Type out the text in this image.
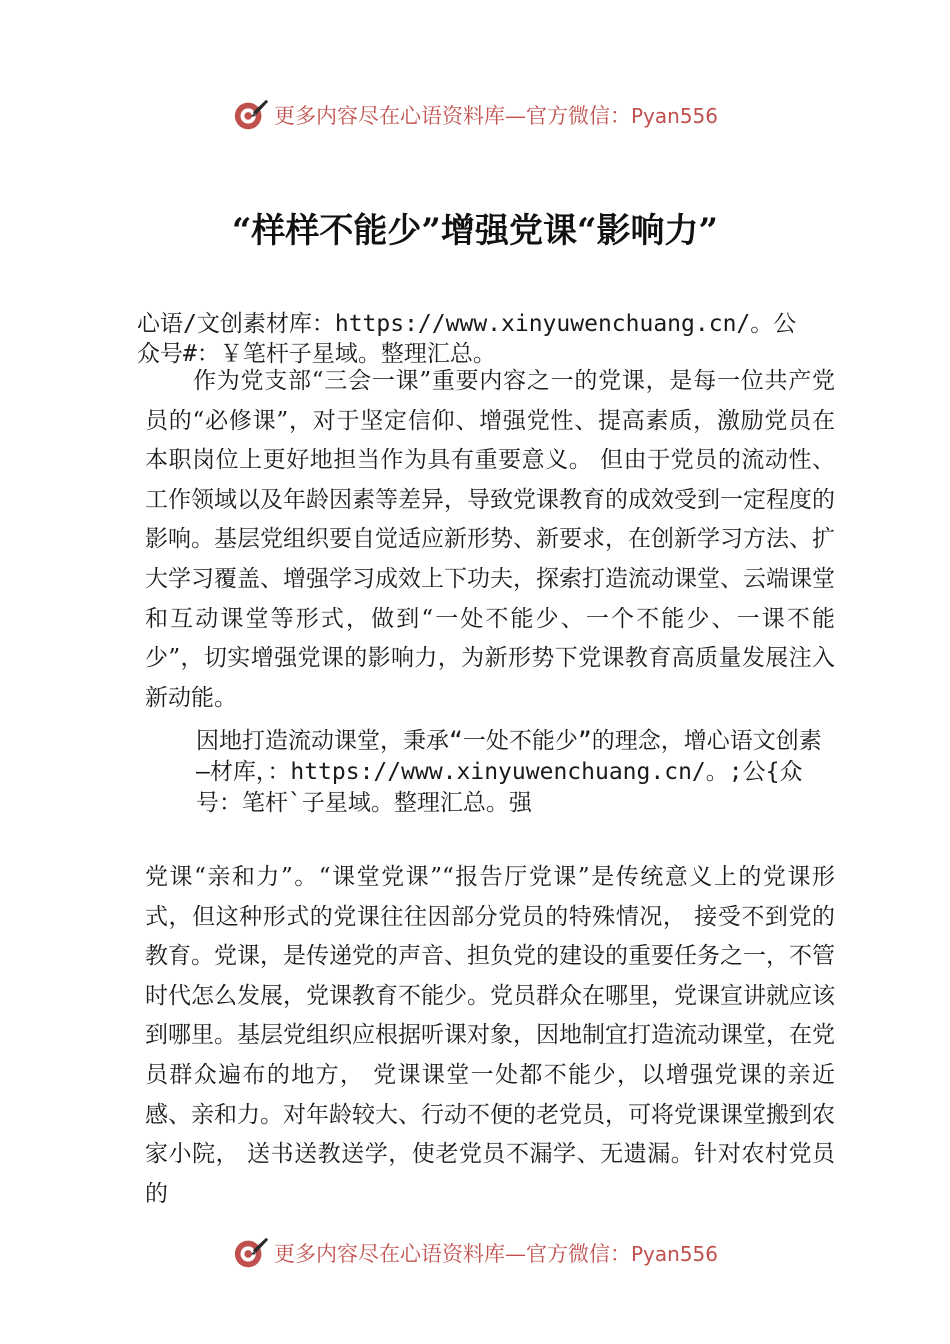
更多内容尽在心语资料库—官方微信：Pyan556
“样样不能少”增强党课“影响力”
心语/文创素材库：https://www.xinyuwenchuang.cn/。公众号#：￥笔杆子星域。整理汇总。
作为党支部“三会一课”重要内容之一的党课，是每一位共产党员的“必修课”，对于坚定信仰、增强党性、提高素质，激励党员在本职岗位上更好地担当作为具有重要意义。 但由于党员的流动性、工作领域以及年龄因素等差异，导致党课教育的成效受到一定程度的影响。基层党组织要自觉适应新形势、新要求，在创新学习方法、扩大学习覆盖、增强学习成效上下功夫，探索打造流动课堂、云端课堂和互动课堂等形式，做到“一处不能少、一个不能少、一课不能少”，切实增强党课的影响力，为新形势下党课教育高质量发展注入新动能。
因地打造流动课堂，秉承“一处不能少”的理念，增心语文创素—材库，：https://www.xinyuwenchuang.cn/。;公{众号：笔杆`子星域。整理汇总。强
党课“亲和力”。“课堂党课”“报告厅党课”是传统意义上的党课形式，但这种形式的党课往往因部分党员的特殊情况， 接受不到党的教育。党课，是传递党的声音、担负党的建设的重要任务之一，不管时代怎么发展，党课教育不能少。党员群众在哪里，党课宣讲就应该到哪里。基层党组织应根据听课对象，因地制宜打造流动课堂，在党员群众遍布的地方， 党课课堂一处都不能少，以增强党课的亲近感、亲和力。对年龄较大、行动不便的老党员，可将党课课堂搬到农家小院， 送书送教送学，使老党员不漏学、无遗漏。针对农村党员的
更多内容尽在心语资料库—官方微信：Pyan556
